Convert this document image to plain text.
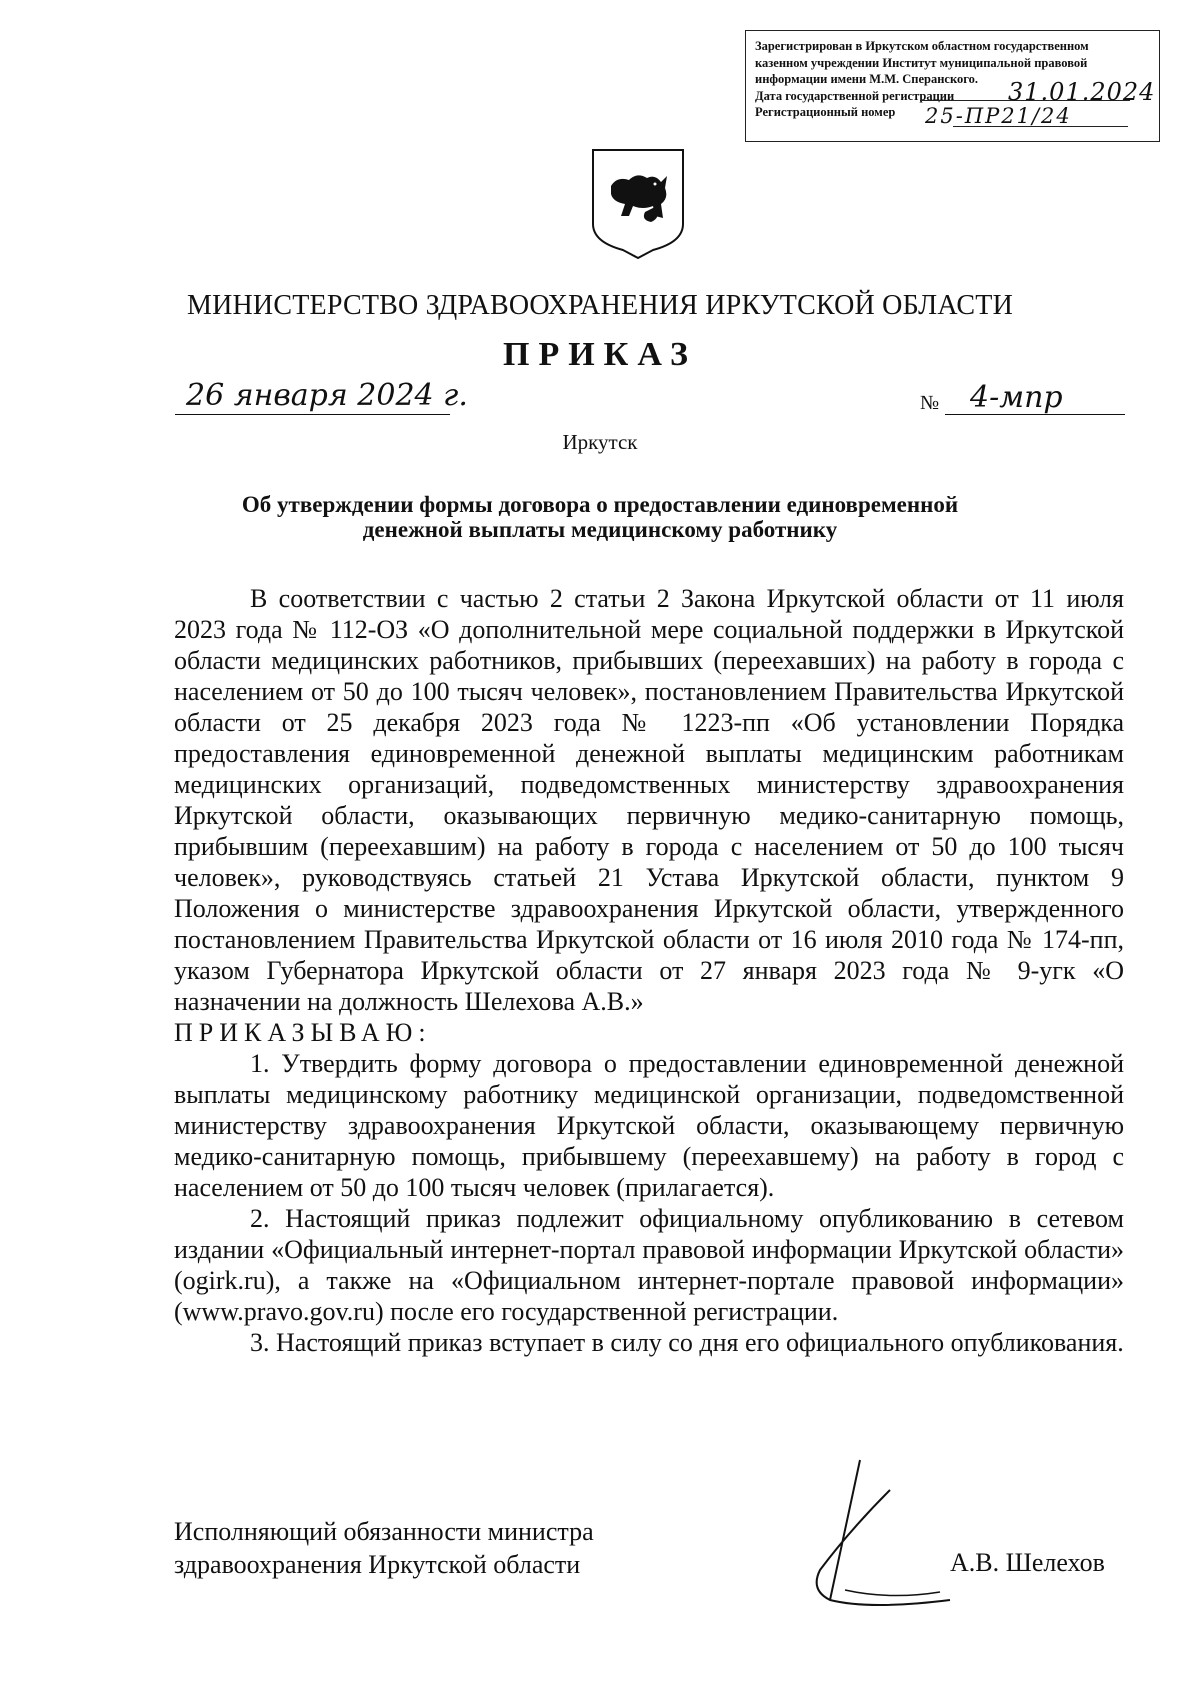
Зарегистрирован в Иркутском областном государственном
казенном учреждении Институт муниципальной правовой
информации имени М.М. Сперанского.
Дата государственной регистрации
Регистрационный номер
31.01.2024
25-ПР21/24
МИНИСТЕРСТВО ЗДРАВООХРАНЕНИЯ ИРКУТСКОЙ ОБЛАСТИ
ПРИКАЗ
26 января 2024 г.	№ 4-мпр
Иркутск
Об утверждении формы договора о предоставлении единовременной денежной выплаты медицинскому работнику

В соответствии с частью 2 статьи 2 Закона Иркутской области от 11 июля 2023 года № 112-ОЗ «О дополнительной мере социальной поддержки в Иркутской области медицинских работников, прибывших (переехавших) на работу в города с населением от 50 до 100 тысяч человек», постановлением Правительства Иркутской области от 25 декабря 2023 года № 1223-пп «Об установлении Порядка предоставления единовременной денежной выплаты медицинским работникам медицинских организаций, подведомственных министерству здравоохранения Иркутской области, оказывающих первичную медико-санитарную помощь, прибывшим (переехавшим) на работу в города с населением от 50 до 100 тысяч человек», руководствуясь статьей 21 Устава Иркутской области, пунктом 9 Положения о министерстве здравоохранения Иркутской области, утвержденного постановлением Правительства Иркутской области от 16 июля 2010 года № 174-пп, указом Губернатора Иркутской области от 27 января 2023 года № 9-угк «О назначении на должность Шелехова А.В.»

ПРИКАЗЫВАЮ:

1. Утвердить форму договора о предоставлении единовременной денежной выплаты медицинскому работнику медицинской организации, подведомственной министерству здравоохранения Иркутской области, оказывающему первичную медико-санитарную помощь, прибывшему (переехавшему) на работу в город с населением от 50 до 100 тысяч человек (прилагается).

2. Настоящий приказ подлежит официальному опубликованию в сетевом издании «Официальный интернет-портал правовой информации Иркутской области» (ogirk.ru), а также на «Официальном интернет-портале правовой информации» (www.pravo.gov.ru) после его государственной регистрации.

3. Настоящий приказ вступает в силу со дня его официального опубликования.

Исполняющий обязанности министра
здравоохранения Иркутской области	А.В. Шелехов
